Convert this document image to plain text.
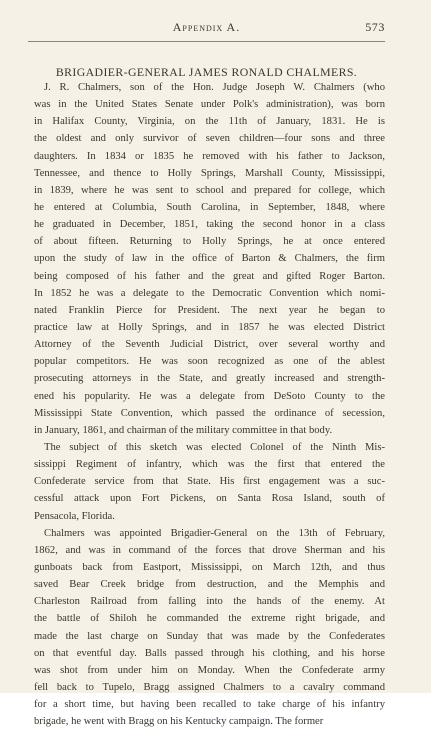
Appendix A.	573
BRIGADIER-GENERAL JAMES RONALD CHALMERS.
J. R. Chalmers, son of the Hon. Judge Joseph W. Chalmers (who
was in the United States Senate under Polk's administration), was born
in Halifax County, Virginia, on the 11th of January, 1831. He is
the oldest and only survivor of seven children—four sons and three
daughters. In 1834 or 1835 he removed with his father to Jackson,
Tennessee, and thence to Holly Springs, Marshall County, Mississippi,
in 1839, where he was sent to school and prepared for college, which
he entered at Columbia, South Carolina, in September, 1848, where
he graduated in December, 1851, taking the second honor in a class
of about fifteen. Returning to Holly Springs, he at once entered
upon the study of law in the office of Barton & Chalmers, the firm
being composed of his father and the great and gifted Roger Barton.
In 1852 he was a delegate to the Democratic Convention which nomi-
nated Franklin Pierce for President. The next year he began to
practice law at Holly Springs, and in 1857 he was elected District
Attorney of the Seventh Judicial District, over several worthy and
popular competitors. He was soon recognized as one of the ablest
prosecuting attorneys in the State, and greatly increased and strength-
ened his popularity. He was a delegate from DeSoto County to the
Mississippi State Convention, which passed the ordinance of secession,
in January, 1861, and chairman of the military committee in that body.
The subject of this sketch was elected Colonel of the Ninth Mis-
sissippi Regiment of infantry, which was the first that entered the
Confederate service from that State. His first engagement was a suc-
cessful attack upon Fort Pickens, on Santa Rosa Island, south of
Pensacola, Florida.
Chalmers was appointed Brigadier-General on the 13th of February,
1862, and was in command of the forces that drove Sherman and his
gunboats back from Eastport, Mississippi, on March 12th, and thus
saved Bear Creek bridge from destruction, and the Memphis and
Charleston Railroad from falling into the hands of the enemy. At
the battle of Shiloh he commanded the extreme right brigade, and
made the last charge on Sunday that was made by the Confederates
on that eventful day. Balls passed through his clothing, and his horse
was shot from under him on Monday. When the Confederate army
fell back to Tupelo, Bragg assigned Chalmers to a cavalry command
for a short time, but having been recalled to take charge of his infantry
brigade, he went with Bragg on his Kentucky campaign. The former
